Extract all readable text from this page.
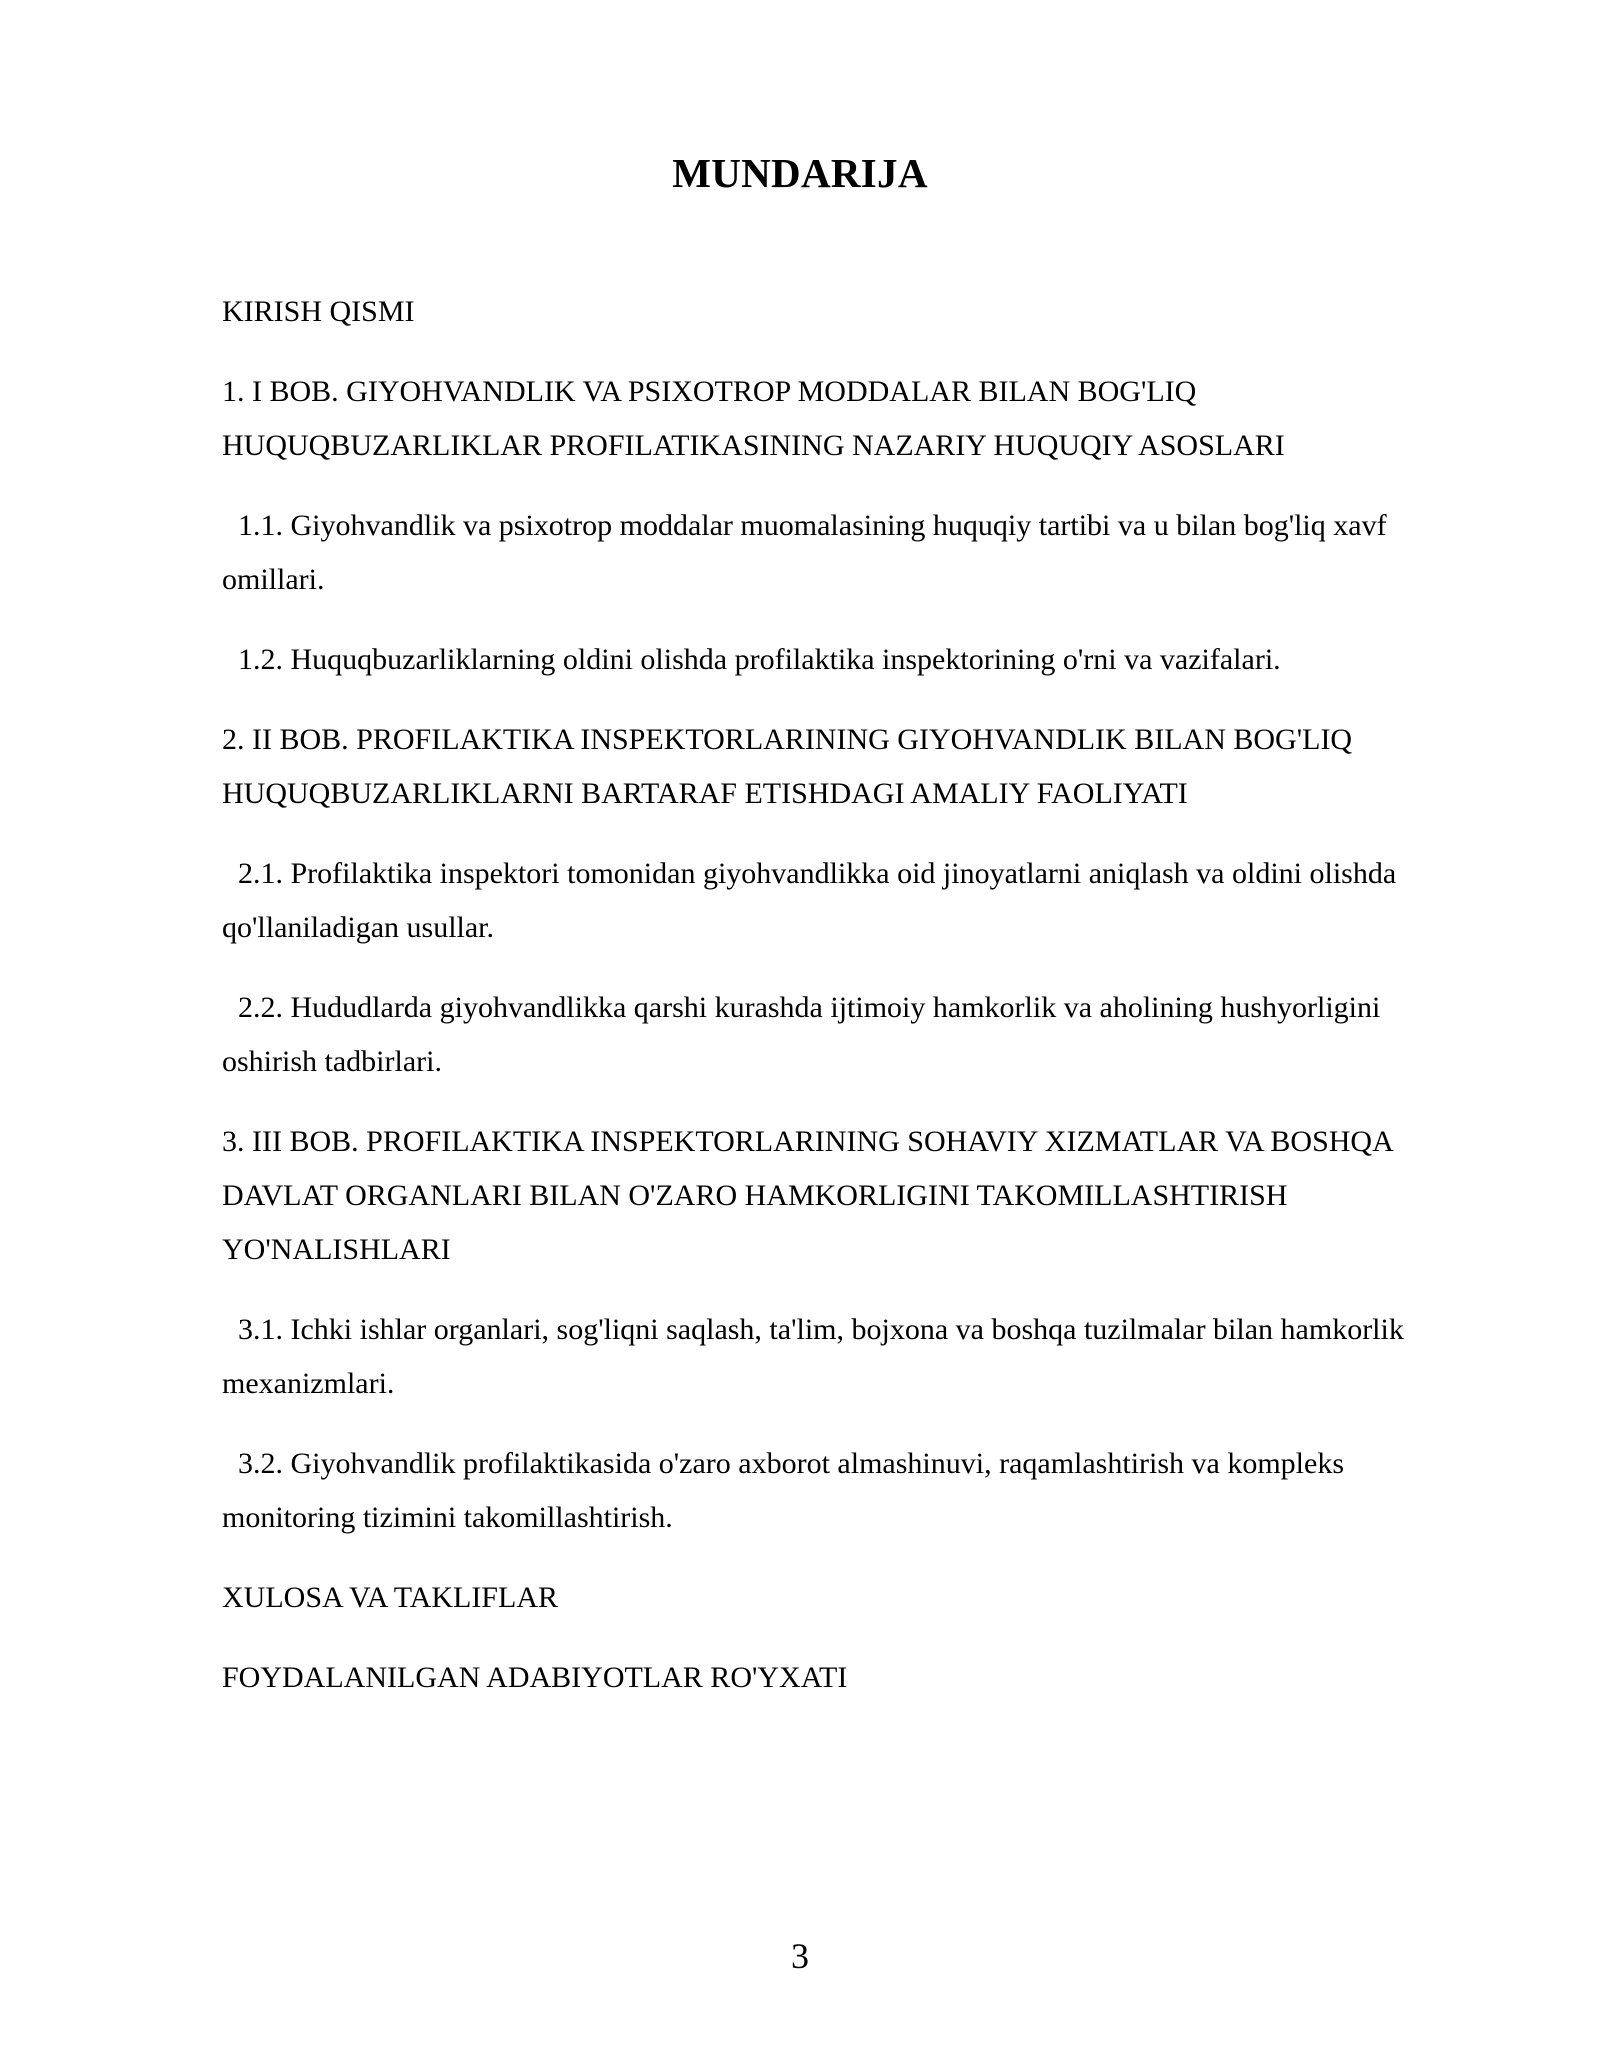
MUNDARIJA

KIRISH QISMI

1. I BOB. GIYOHVANDLIK VA PSIXOTROP MODDALAR BILAN BOG'LIQ HUQUQBUZARLIKLAR PROFILATIKASINING NAZARIY HUQUQIY ASOSLARI

1.1. Giyohvandlik va psixotrop moddalar muomalasining huquqiy tartibi va u bilan bog'liq xavf omillari.

1.2. Huquqbuzarliklarning oldini olishda profilaktika inspektorining o'rni va vazifalari.

2. II BOB. PROFILAKTIKA INSPEKTORLARINING GIYOHVANDLIK BILAN BOG'LIQ HUQUQBUZARLIKLARNI BARTARAF ETISHDAGI AMALIY FAOLIYATI

2.1. Profilaktika inspektori tomonidan giyohvandlikka oid jinoyatlarni aniqlash va oldini olishda qo'llaniladigan usullar.

2.2. Hududlarda giyohvandlikka qarshi kurashda ijtimoiy hamkorlik va aholining hushyorligini oshirish tadbirlari.

3. III BOB. PROFILAKTIKA INSPEKTORLARINING SOHAVIY XIZMATLAR VA BOSHQA DAVLAT ORGANLARI BILAN O'ZARO HAMKORLIGINI TAKOMILLASHTIRISH YO'NALISHLARI

3.1. Ichki ishlar organlari, sog'liqni saqlash, ta'lim, bojxona va boshqa tuzilmalar bilan hamkorlik mexanizmlari.

3.2. Giyohvandlik profilaktikasida o'zaro axborot almashinuvi, raqamlashtirish va kompleks monitoring tizimini takomillashtirish.

XULOSA VA TAKLIFLAR

FOYDALANILGAN ADABIYOTLAR RO'YXATI

3
